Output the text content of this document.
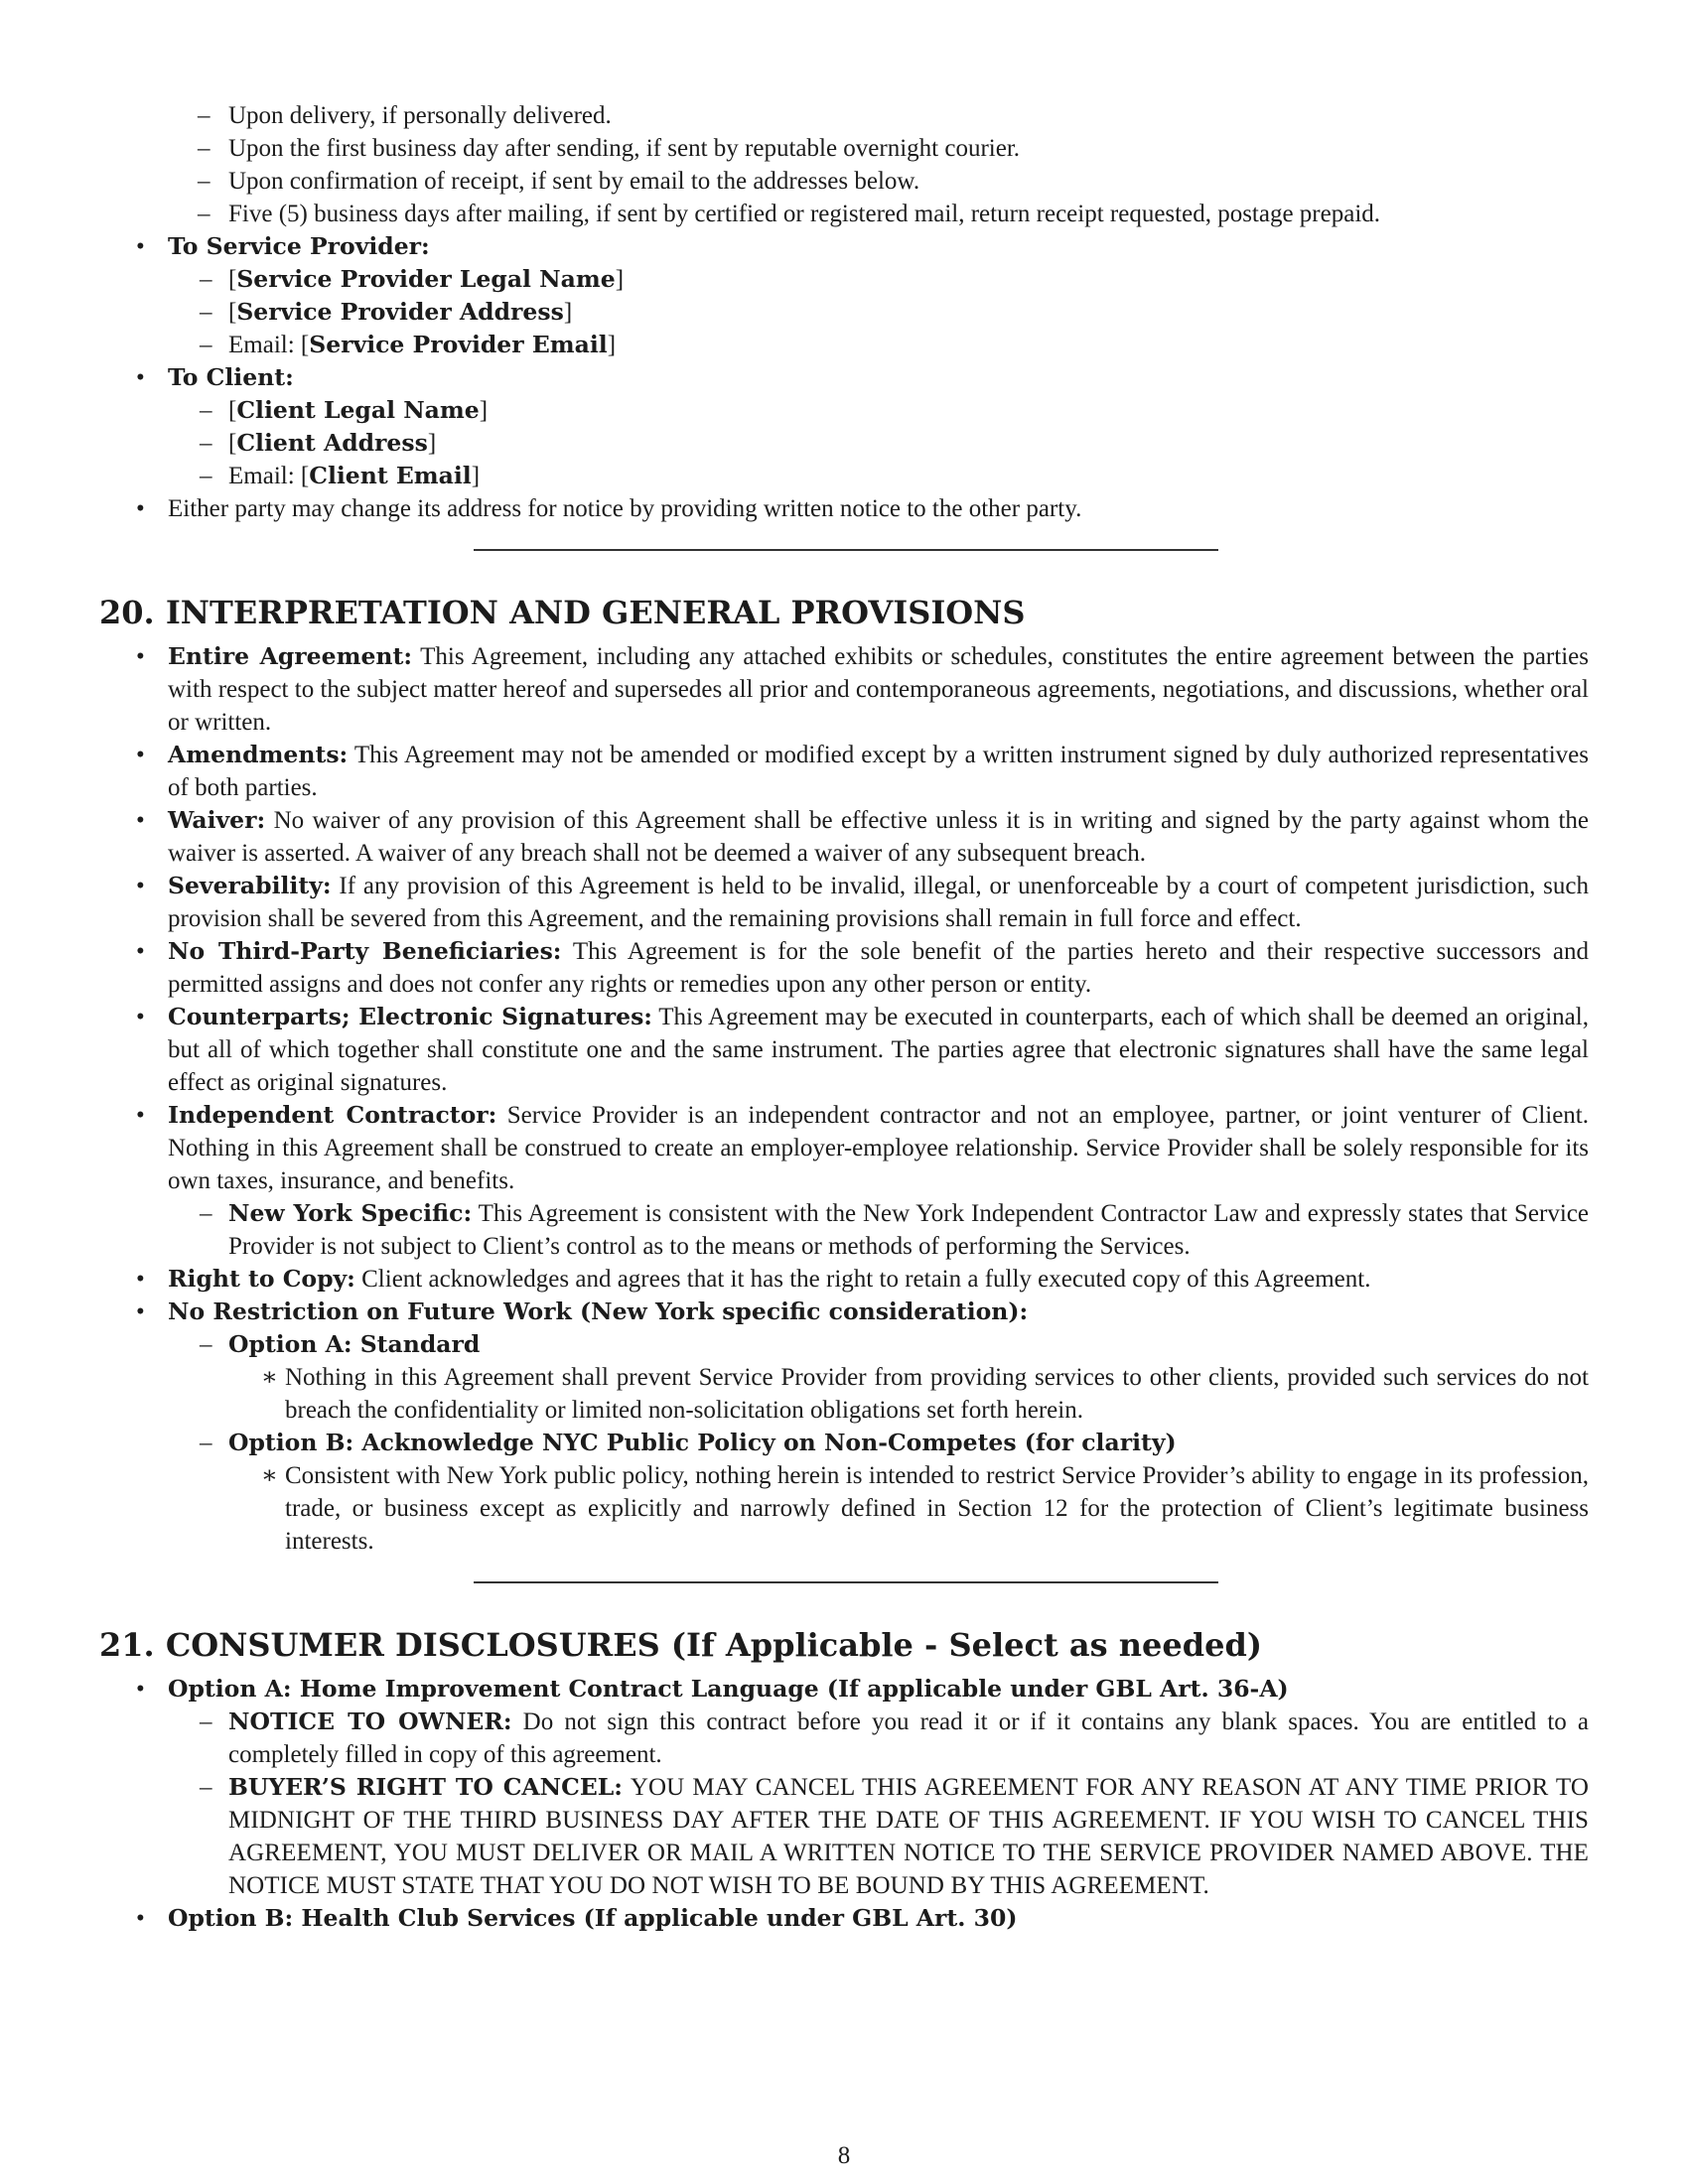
– Upon delivery, if personally delivered.
– Upon the first business day after sending, if sent by reputable overnight courier.
– Upon confirmation of receipt, if sent by email to the addresses below.
– Five (5) business days after mailing, if sent by certified or registered mail, return receipt requested, postage prepaid.
• To Service Provider:
– [Service Provider Legal Name]
– [Service Provider Address]
– Email: [Service Provider Email]
• To Client:
– [Client Legal Name]
– [Client Address]
– Email: [Client Email]
• Either party may change its address for notice by providing written notice to the other party.
20. INTERPRETATION AND GENERAL PROVISIONS
• Entire Agreement: This Agreement, including any attached exhibits or schedules, constitutes the entire agreement between the parties with respect to the subject matter hereof and supersedes all prior and contemporaneous agreements, negotiations, and discussions, whether oral or written.
• Amendments: This Agreement may not be amended or modified except by a written instrument signed by duly authorized representatives of both parties.
• Waiver: No waiver of any provision of this Agreement shall be effective unless it is in writing and signed by the party against whom the waiver is asserted. A waiver of any breach shall not be deemed a waiver of any subsequent breach.
• Severability: If any provision of this Agreement is held to be invalid, illegal, or unenforceable by a court of competent jurisdiction, such provision shall be severed from this Agreement, and the remaining provisions shall remain in full force and effect.
• No Third-Party Beneficiaries: This Agreement is for the sole benefit of the parties hereto and their respective successors and permitted assigns and does not confer any rights or remedies upon any other person or entity.
• Counterparts; Electronic Signatures: This Agreement may be executed in counterparts, each of which shall be deemed an original, but all of which together shall constitute one and the same instrument. The parties agree that electronic signatures shall have the same legal effect as original signatures.
• Independent Contractor: Service Provider is an independent contractor and not an employee, partner, or joint venturer of Client. Nothing in this Agreement shall be construed to create an employer-employee relationship. Service Provider shall be solely responsible for its own taxes, insurance, and benefits.
– New York Specific: This Agreement is consistent with the New York Independent Contractor Law and expressly states that Service Provider is not subject to Client’s control as to the means or methods of performing the Services.
• Right to Copy: Client acknowledges and agrees that it has the right to retain a fully executed copy of this Agreement.
• No Restriction on Future Work (New York specific consideration):
– Option A: Standard
∗ Nothing in this Agreement shall prevent Service Provider from providing services to other clients, provided such services do not breach the confidentiality or limited non-solicitation obligations set forth herein.
– Option B: Acknowledge NYC Public Policy on Non-Competes (for clarity)
∗ Consistent with New York public policy, nothing herein is intended to restrict Service Provider’s ability to engage in its profession, trade, or business except as explicitly and narrowly defined in Section 12 for the protection of Client’s legitimate business interests.
21. CONSUMER DISCLOSURES (If Applicable - Select as needed)
• Option A: Home Improvement Contract Language (If applicable under GBL Art. 36-A)
– NOTICE TO OWNER: Do not sign this contract before you read it or if it contains any blank spaces. You are entitled to a completely filled in copy of this agreement.
– BUYER’S RIGHT TO CANCEL: YOU MAY CANCEL THIS AGREEMENT FOR ANY REASON AT ANY TIME PRIOR TO MIDNIGHT OF THE THIRD BUSINESS DAY AFTER THE DATE OF THIS AGREEMENT. IF YOU WISH TO CANCEL THIS AGREEMENT, YOU MUST DELIVER OR MAIL A WRITTEN NOTICE TO THE SERVICE PROVIDER NAMED ABOVE. THE NOTICE MUST STATE THAT YOU DO NOT WISH TO BE BOUND BY THIS AGREEMENT.
• Option B: Health Club Services (If applicable under GBL Art. 30)
8
